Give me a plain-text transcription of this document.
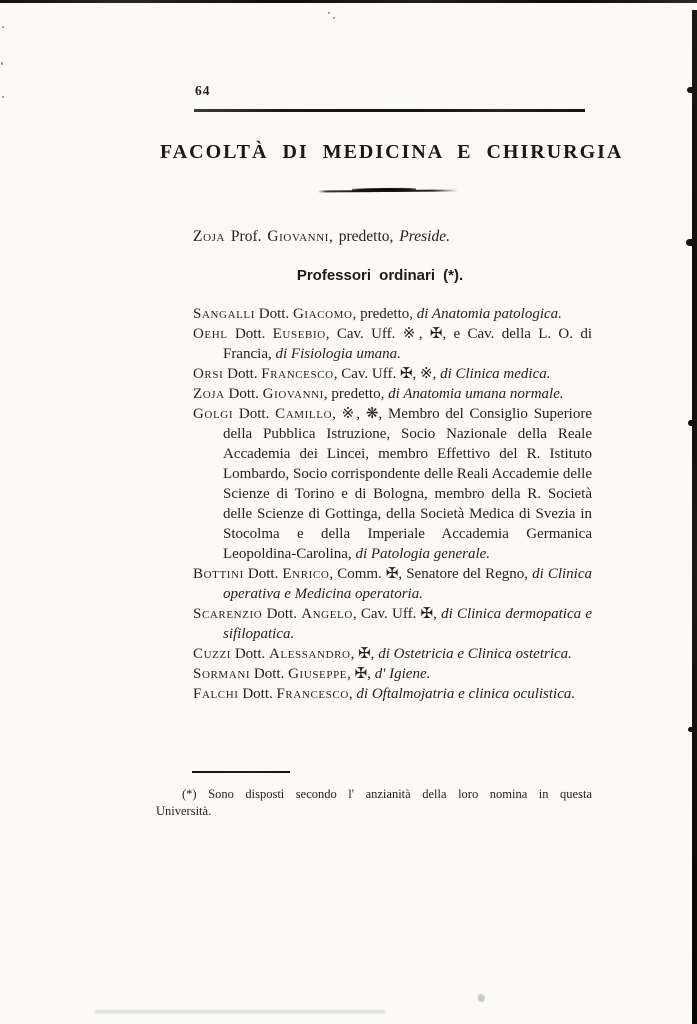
64
FACOLTÀ DI MEDICINA E CHIRURGIA
Zoja Prof. Giovanni, predetto, Preside.
Professori ordinari (*).
Sangalli Dott. Giacomo, predetto, di Anatomia patologica.
Oehl Dott. Eusebio, Cav. Uff. ※, ✠, e Cav. della L. O. di Francia, di Fisiologia umana.
Orsi Dott. Francesco, Cav. Uff. ✠, ※, di Clinica medica.
Zoja Dott. Giovanni, predetto, di Anatomia umana normale.
Golgi Dott. Camillo, ※, ❋, Membro del Consiglio Superiore della Pubblica Istruzione, Socio Nazionale della Reale Accademia dei Lincei, membro Effettivo del R. Istituto Lombardo, Socio corrispondente delle Reali Accademie delle Scienze di Torino e di Bologna, membro della R. Società delle Scienze di Gottinga, della Società Medica di Svezia in Stocolma e della Imperiale Accademia Germanica Leopoldina-Carolina, di Patologia generale.
Bottini Dott. Enrico, Comm. ✠, Senatore del Regno, di Clinica operativa e Medicina operatoria.
Scarenzio Dott. Angelo, Cav. Uff. ✠, di Clinica dermopatica e sifilopatica.
Cuzzi Dott. Alessandro, ✠, di Ostetricia e Clinica ostetrica.
Sormani Dott. Giuseppe, ✠, d' Igiene.
Falchi Dott. Francesco, di Oftalmojatria e clinica oculistica.
(*) Sono disposti secondo l' anzianità della loro nomina in questa Università.
